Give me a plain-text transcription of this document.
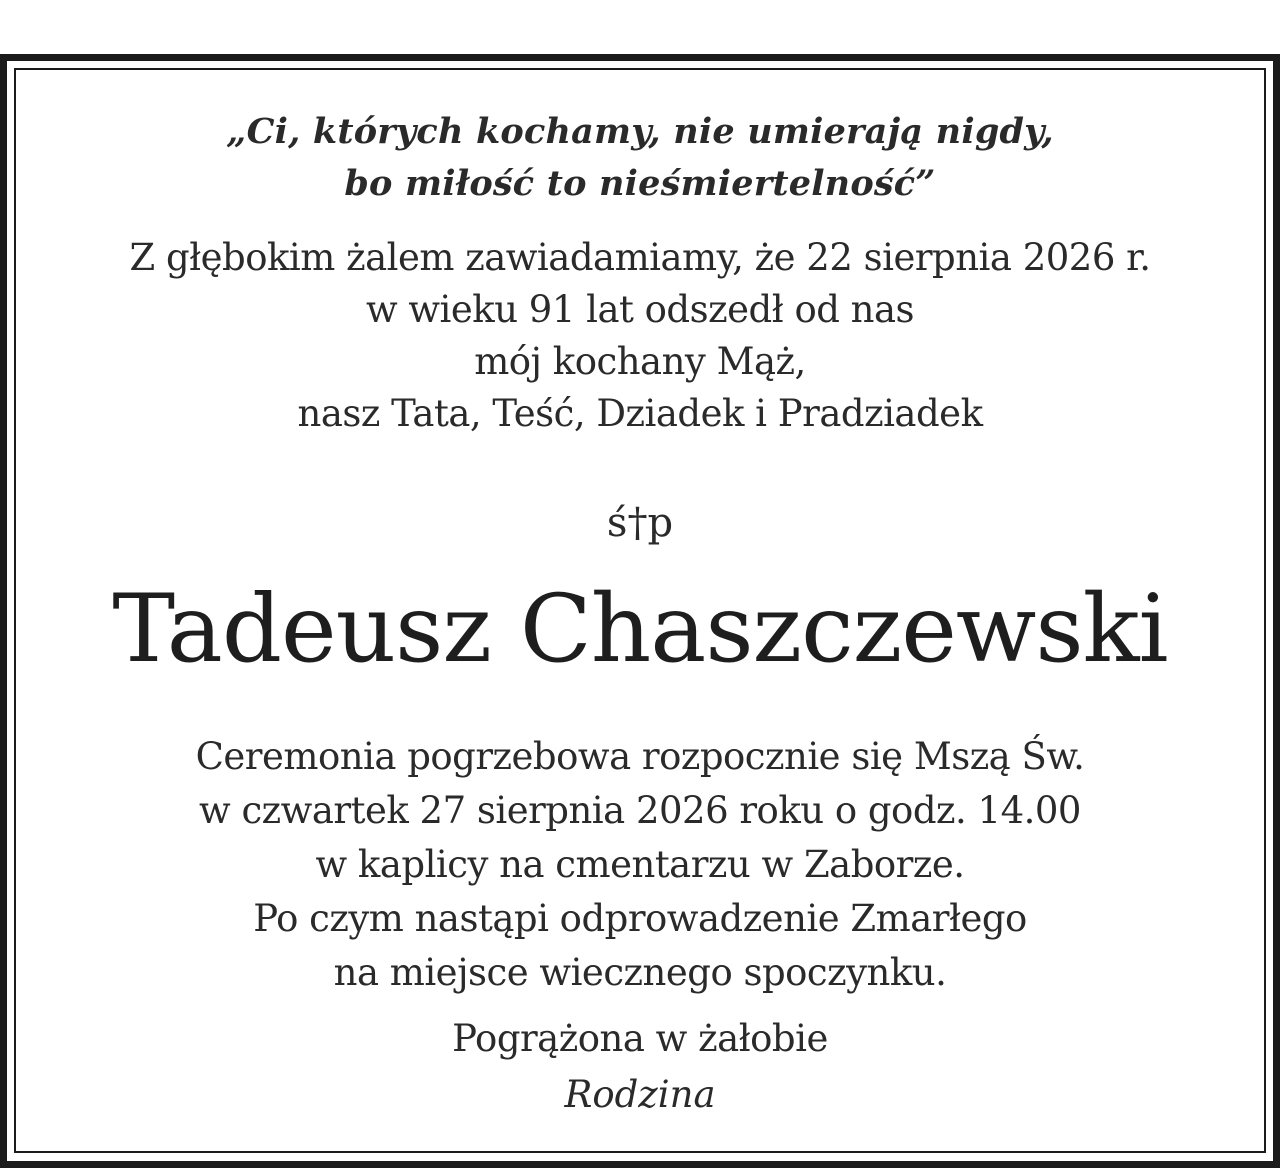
„Ci, których kochamy, nie umierają nigdy,
bo miłość to nieśmiertelność”
Z głębokim żalem zawiadamiamy, że 22 sierpnia 2026 r.
w wieku 91 lat odszedł od nas
mój kochany Mąż,
nasz Tata, Teść, Dziadek i Pradziadek
ś†p
Tadeusz Chaszczewski
Ceremonia pogrzebowa rozpocznie się Mszą Św.
w czwartek 27 sierpnia 2026 roku o godz. 14.00
w kaplicy na cmentarzu w Zaborze.
Po czym nastąpi odprowadzenie Zmarłego
na miejsce wiecznego spoczynku.
Pogrążona w żałobie
Rodzina
